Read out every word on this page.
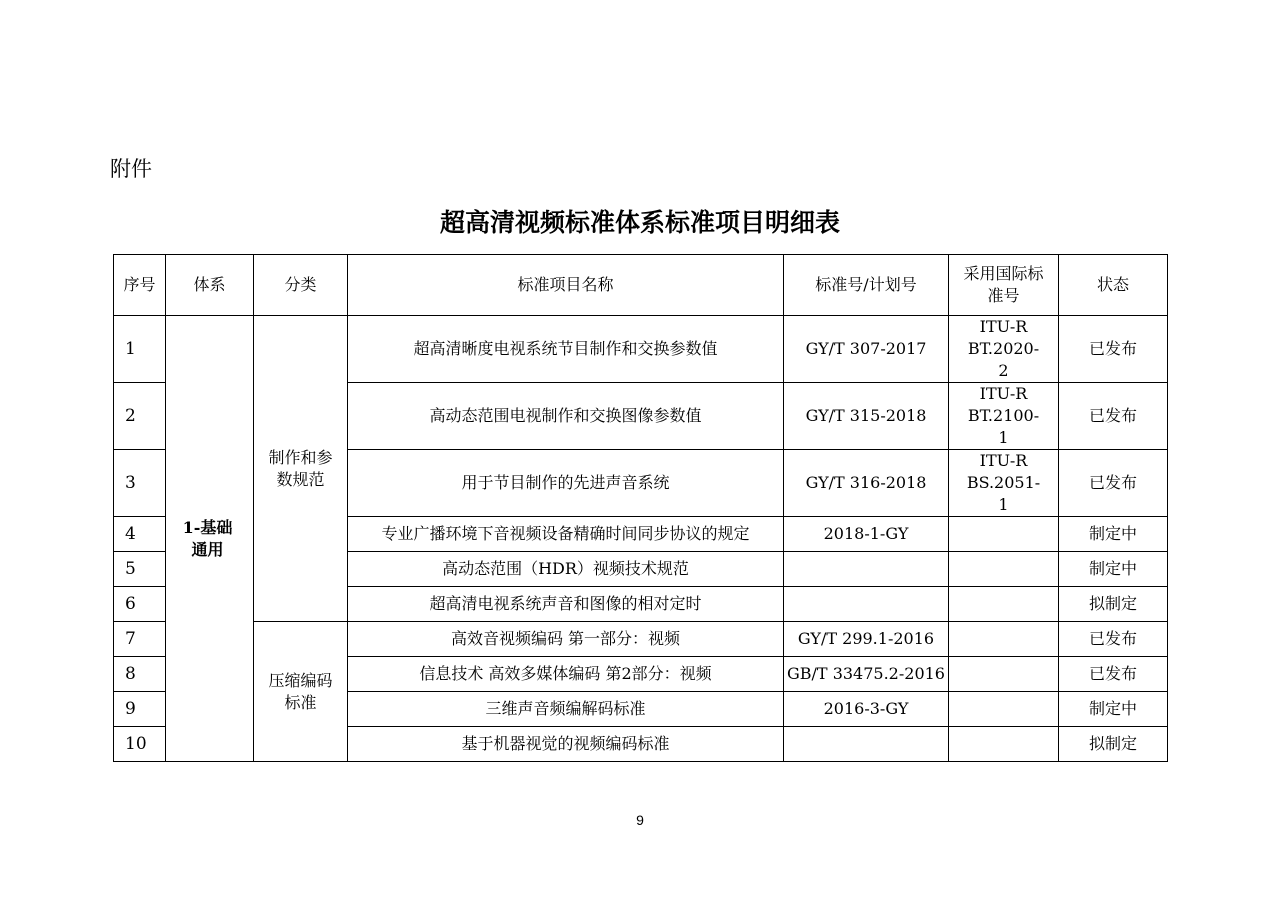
附件
超高清视频标准体系标准项目明细表
序号	体系	分类	标准项目名称	标准号/计划号	采用国际标准号	状态
1	1-基础通用	制作和参数规范	超高清晰度电视系统节目制作和交换参数值	GY/T 307-2017	ITU-R BT.2020-2	已发布
2			高动态范围电视制作和交换图像参数值	GY/T 315-2018	ITU-R BT.2100-1	已发布
3			用于节目制作的先进声音系统	GY/T 316-2018	ITU-R BS.2051-1	已发布
4			专业广播环境下音视频设备精确时间同步协议的规定	2018-1-GY		制定中
5			高动态范围（HDR）视频技术规范			制定中
6			超高清电视系统声音和图像的相对定时			拟制定
7		压缩编码标准	高效音视频编码 第一部分：视频	GY/T 299.1-2016		已发布
8			信息技术 高效多媒体编码 第2部分：视频	GB/T 33475.2-2016		已发布
9			三维声音频编解码标准	2016-3-GY		制定中
10			基于机器视觉的视频编码标准			拟制定
9
